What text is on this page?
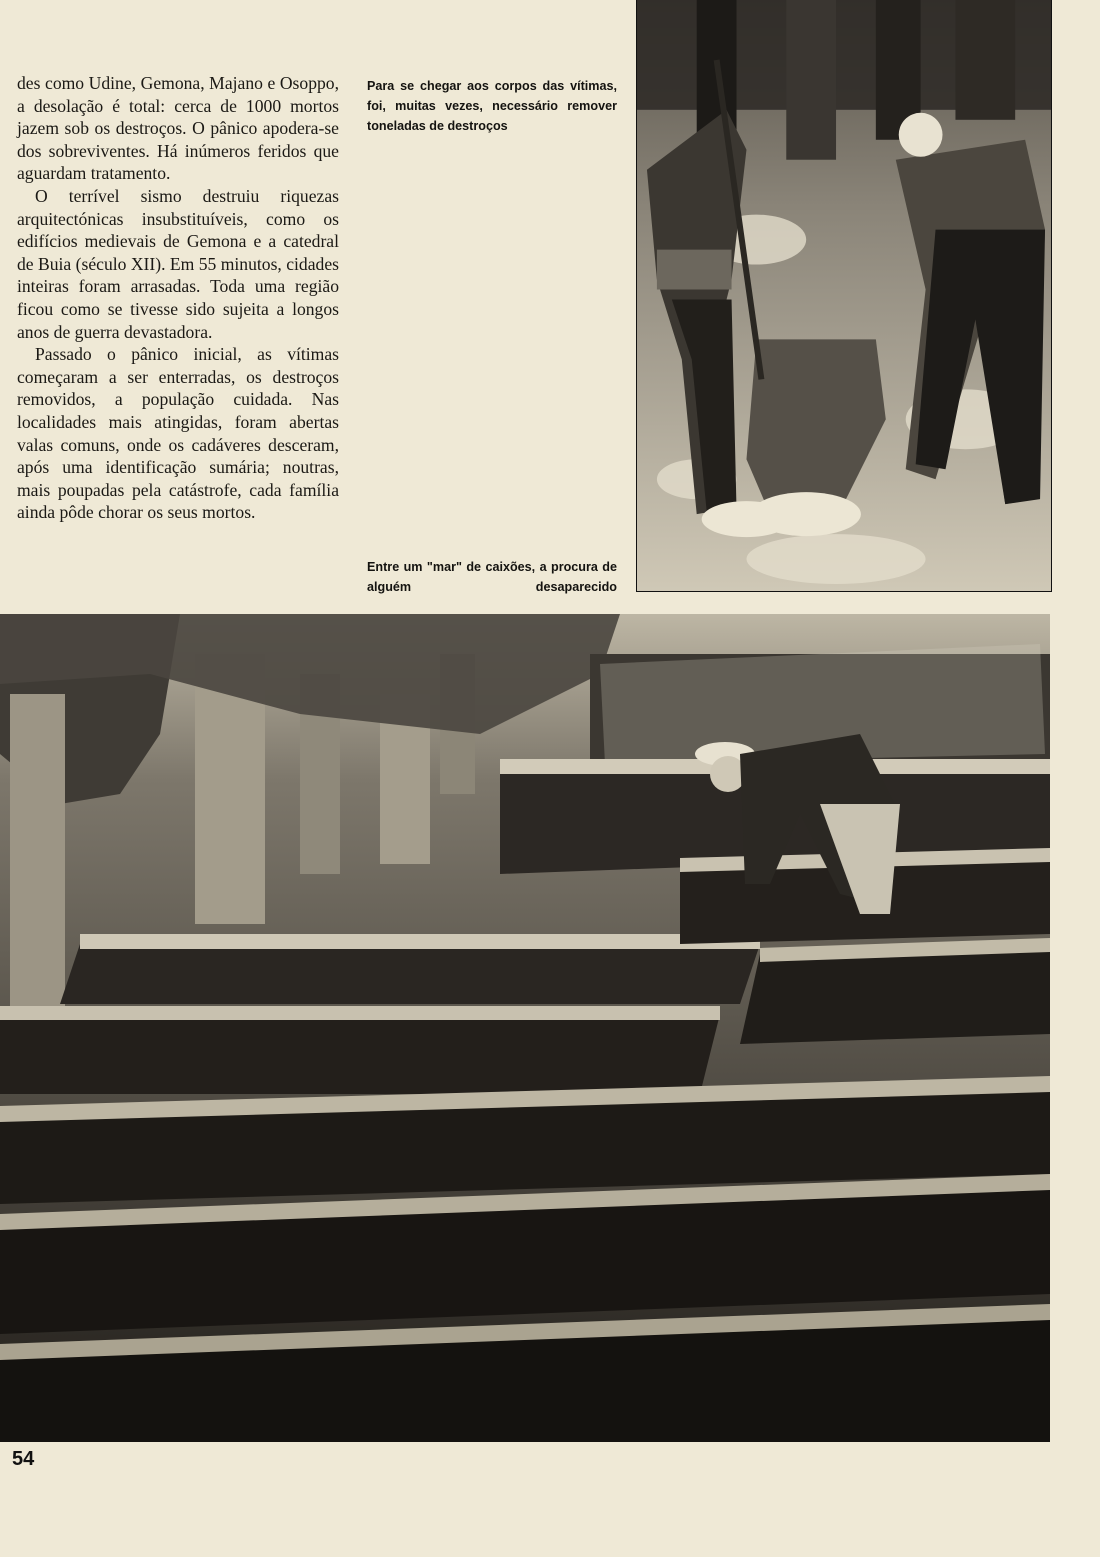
des como Udine, Gemona, Majano e Osoppo, a desolação é total: cerca de 1000 mortos jazem sob os destroços. O pânico apodera-se dos sobreviventes. Há inúmeros feridos que aguardam tratamento.

O terrível sismo destruiu riquezas arquitectónicas insubstituíveis, como os edifícios medievais de Gemona e a catedral de Buia (século XII). Em 55 minutos, cidades inteiras foram arrasadas. Toda uma região ficou como se tivesse sido sujeita a longos anos de guerra devastadora.

Passado o pânico inicial, as vítimas começaram a ser enterradas, os destroços removidos, a população cuidada. Nas localidades mais atingidas, foram abertas valas comuns, onde os cadáveres desceram, após uma identificação sumária; noutras, mais poupadas pela catástrofe, cada família ainda pôde chorar os seus mortos.

Para se chegar aos corpos das vítimas, foi, muitas vezes, necessário remover toneladas de destroços
Entre um "mar" de caixões, a procura de alguém desaparecido
54
